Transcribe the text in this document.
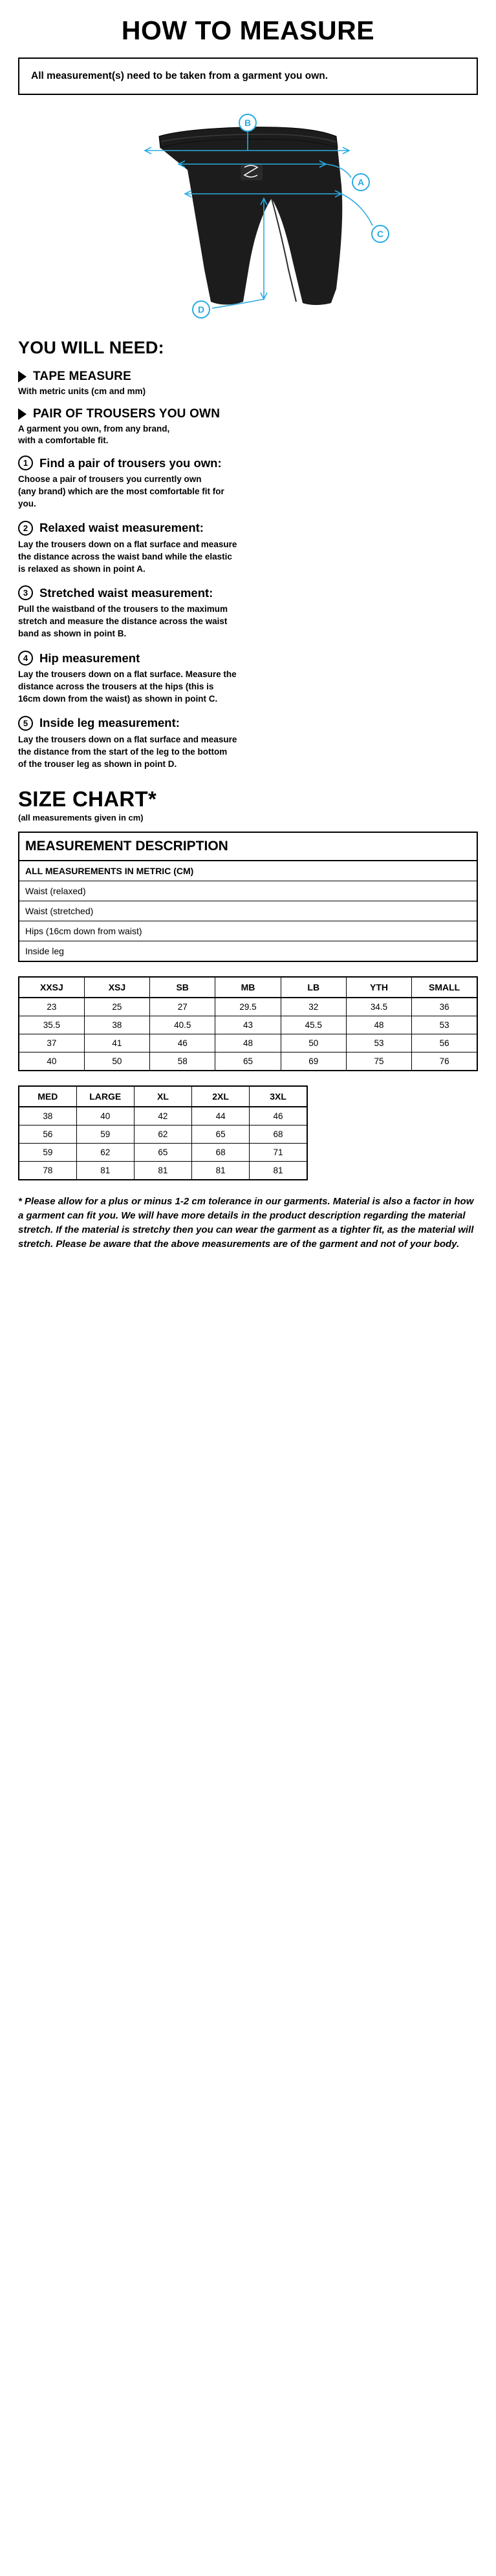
HOW TO MEASURE
All measurement(s) need to be taken from a garment you own.
B
A
C
D
YOU WILL NEED:
TAPE MEASURE
With metric units (cm and mm)
PAIR OF TROUSERS YOU OWN
A garment you own, from any brand,
with a comfortable fit.
1 Find a pair of trousers you own:
Choose a pair of trousers you currently own
(any brand) which are the most comfortable fit for
you.
2 Relaxed waist measurement:
Lay the trousers down on a flat surface and measure
the distance across the waist band while the elastic
is relaxed as shown in point A.
3 Stretched waist measurement:
Pull the waistband of the trousers to the maximum
stretch and measure the distance across the waist
band as shown in point B.
4 Hip measurement
Lay the trousers down on a flat surface. Measure the
distance across the trousers at the hips (this is
16cm down from the waist) as shown in point C.
5 Inside leg measurement:
Lay the trousers down on a flat surface and measure
the distance from the start of the leg to the bottom
of the trouser leg as shown in point D.
SIZE CHART*
(all measurements given in cm)
MEASUREMENT DESCRIPTION
ALL MEASUREMENTS IN METRIC (CM)
Waist (relaxed)
Waist (stretched)
Hips (16cm down from waist)
Inside leg
XXSJ	XSJ	SB	MB	LB	YTH	SMALL
23	25	27	29.5	32	34.5	36
35.5	38	40.5	43	45.5	48	53
37	41	46	48	50	53	56
40	50	58	65	69	75	76
MED	LARGE	XL	2XL	3XL
38	40	42	44	46
56	59	62	65	68
59	62	65	68	71
78	81	81	81	81
* Please allow for a plus or minus 1-2 cm tolerance in our garments. Material is also a factor in how a garment can fit you. We will have more details in the product description regarding the material stretch. If the material is stretchy then you can wear the garment as a tighter fit, as the material will stretch. Please be aware that the above measurements are of the garment and not of your body.
